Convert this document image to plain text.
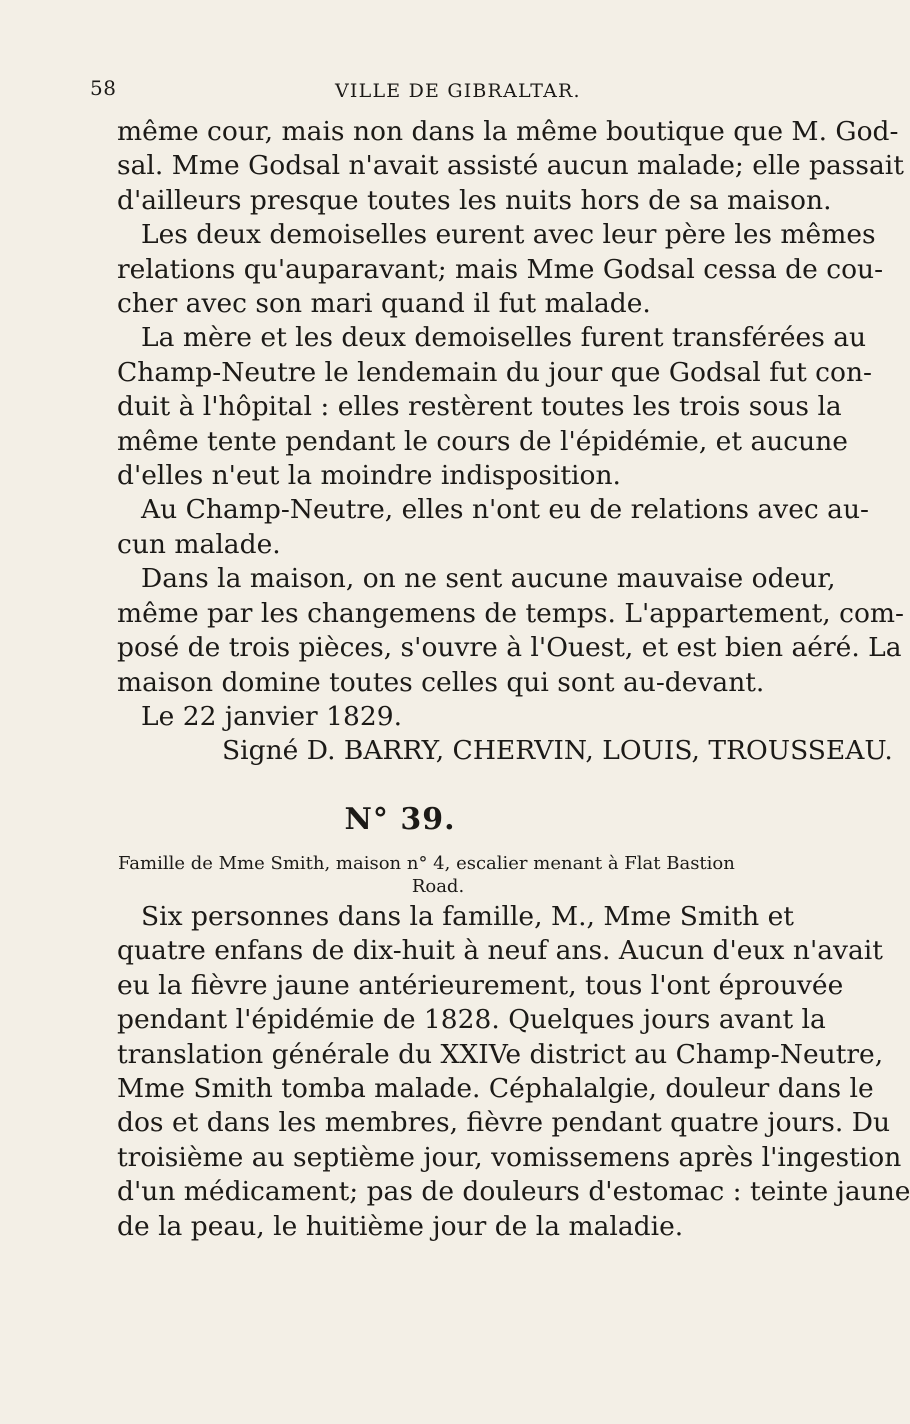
58	VILLE DE GIBRALTAR.
même cour, mais non dans la même boutique que M. God-
sal. Mme Godsal n'avait assisté aucun malade; elle passait
d'ailleurs presque toutes les nuits hors de sa maison.
Les deux demoiselles eurent avec leur père les mêmes
relations qu'auparavant; mais Mme Godsal cessa de cou-
cher avec son mari quand il fut malade.
La mère et les deux demoiselles furent transférées au
Champ-Neutre le lendemain du jour que Godsal fut con-
duit à l'hôpital : elles restèrent toutes les trois sous la
même tente pendant le cours de l'épidémie, et aucune
d'elles n'eut la moindre indisposition.
Au Champ-Neutre, elles n'ont eu de relations avec au-
cun malade.
Dans la maison, on ne sent aucune mauvaise odeur,
même par les changemens de temps. L'appartement, com-
posé de trois pièces, s'ouvre à l'Ouest, et est bien aéré. La
maison domine toutes celles qui sont au-devant.
Le 22 janvier 1829.
Signé D. BARRY, CHERVIN, LOUIS, TROUSSEAU.
N° 39.
Famille de Mme Smith, maison n° 4, escalier menant à Flat Bastion
Road.
Six personnes dans la famille, M., Mme Smith et
quatre enfans de dix-huit à neuf ans. Aucun d'eux n'avait
eu la fièvre jaune antérieurement, tous l'ont éprouvée
pendant l'épidémie de 1828. Quelques jours avant la
translation générale du XXIVe district au Champ-Neutre,
Mme Smith tomba malade. Céphalalgie, douleur dans le
dos et dans les membres, fièvre pendant quatre jours. Du
troisième au septième jour, vomissemens après l'ingestion
d'un médicament; pas de douleurs d'estomac : teinte jaune
de la peau, le huitième jour de la maladie.
